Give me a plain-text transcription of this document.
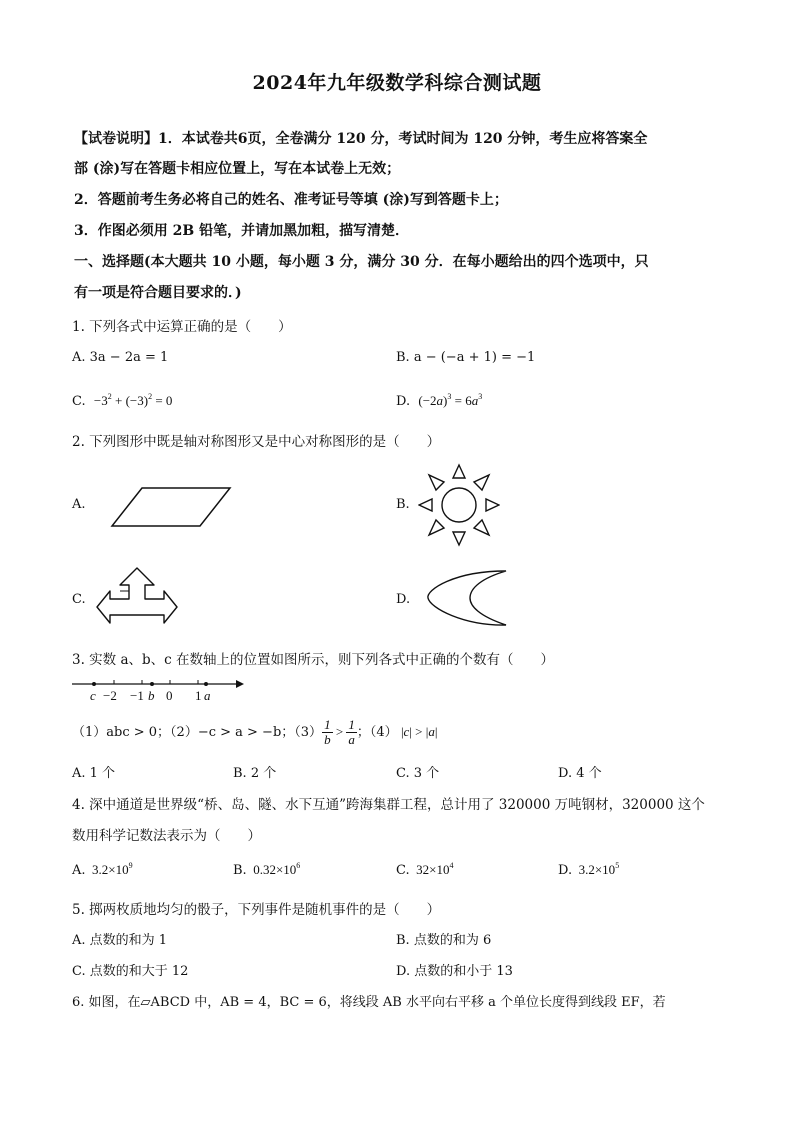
2024年九年级数学科综合测试题
【试卷说明】1．本试卷共6页，全卷满分 120 分，考试时间为 120 分钟，考生应将答案全
部 (涂)写在答题卡相应位置上，写在本试卷上无效；
2．答题前考生务必将自己的姓名、准考证号等填 (涂)写到答题卡上；
3．作图必须用 2B 铅笔，并请加黑加粗，描写清楚．
一、选择题(本大题共 10 小题，每小题 3 分，满分 30 分．在每小题给出的四个选项中，只
有一项是符合题目要求的．)
1. 下列各式中运算正确的是（　　）
A. 3a − 2a = 1	B. a − (−a + 1) = −1
C. $-3^2 + (-3)^2 = 0$	D. $(-2a)^3 = 6a^3$
2. 下列图形中既是轴对称图形又是中心对称图形的是（　　）
A.	B.
C.	D.
3. 实数 a、b、c 在数轴上的位置如图所示，则下列各式中正确的个数有（　　）
c −2 −1 b 0 1 a
（1）abc > 0；（2）−c > a > −b；$(3) \frac{1}{b} > \frac{1}{a}$ ；（4） |c| > |a|
A. 1 个	B. 2 个	C. 3 个	D. 4 个
4. 深中通道是世界级“桥、岛、隧、水下互通”跨海集群工程，总计用了 320000 万吨钢材，320000 这个
数用科学记数法表示为（　　）
A.  $3.2\times 10^9$	B.  $0.32\times 10^6$	C.  $32\times 10^4$	D.  $3.2\times 10^5$
5. 掷两枚质地均匀的骰子，下列事件是随机事件的是（　　）
A. 点数的和为 1	B. 点数的和为 6
C. 点数的和大于 12	D. 点数的和小于 13
6. 如图，在▱ABCD 中，AB = 4，BC = 6，将线段 AB 水平向右平移 a 个单位长度得到线段 EF，若
